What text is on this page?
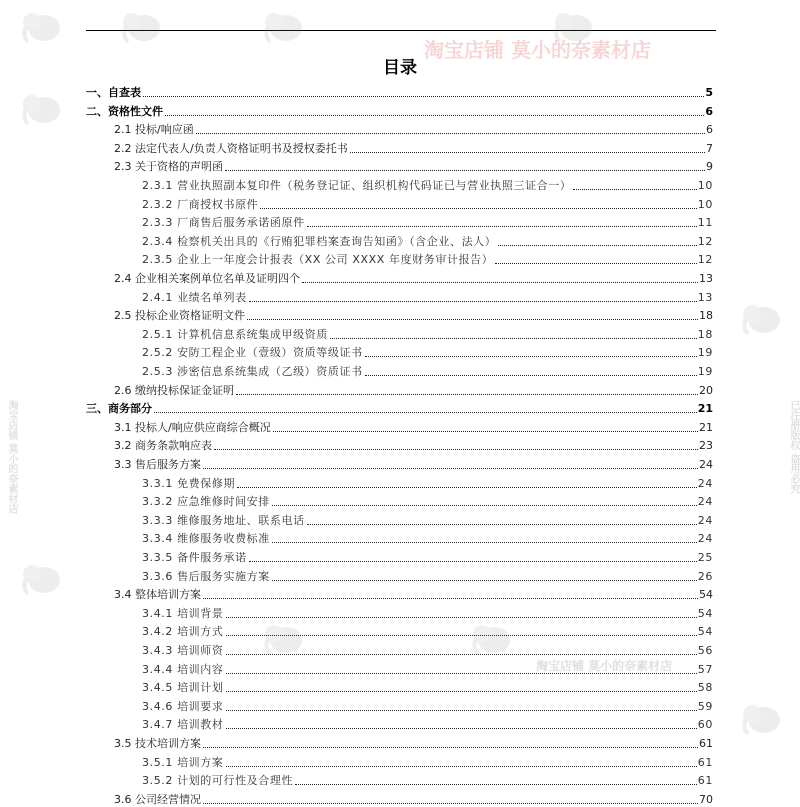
淘宝店铺 莫小的奈素材店
淘宝店铺 莫小的奈素材店
淘宝店铺 莫小的奈素材店	已注册版权 盗用必究
目录
一、自查表	5
二、资格性文件	6
2.1 投标/响应函	6
2.2 法定代表人/负责人资格证明书及授权委托书	7
2.3 关于资格的声明函	9
2.3.1 营业执照副本复印件（税务登记证、组织机构代码证已与营业执照三证合一）	10
2.3.2 厂商授权书原件	10
2.3.3 厂商售后服务承诺函原件	11
2.3.4 检察机关出具的《行贿犯罪档案查询告知函》（含企业、法人）	12
2.3.5 企业上一年度会计报表（XX 公司 XXXX 年度财务审计报告）	12
2.4 企业相关案例单位名单及证明四个	13
2.4.1 业绩名单列表	13
2.5 投标企业资格证明文件	18
2.5.1 计算机信息系统集成甲级资质	18
2.5.2 安防工程企业（壹级）资质等级证书	19
2.5.3 涉密信息系统集成（乙级）资质证书	19
2.6 缴纳投标保证金证明	20
三、商务部分	21
3.1 投标人/响应供应商综合概况	21
3.2 商务条款响应表	23
3.3 售后服务方案	24
3.3.1 免费保修期	24
3.3.2 应急维修时间安排	24
3.3.3 维修服务地址、联系电话	24
3.3.4 维修服务收费标准	24
3.3.5 备件服务承诺	25
3.3.6 售后服务实施方案	26
3.4 整体培训方案	54
3.4.1 培训背景	54
3.4.2 培训方式	54
3.4.3 培训师资	56
3.4.4 培训内容	57
3.4.5 培训计划	58
3.4.6 培训要求	59
3.4.7 培训教材	60
3.5 技术培训方案	61
3.5.1 培训方案	61
3.5.2 计划的可行性及合理性	61
3.6 公司经营情况	70
